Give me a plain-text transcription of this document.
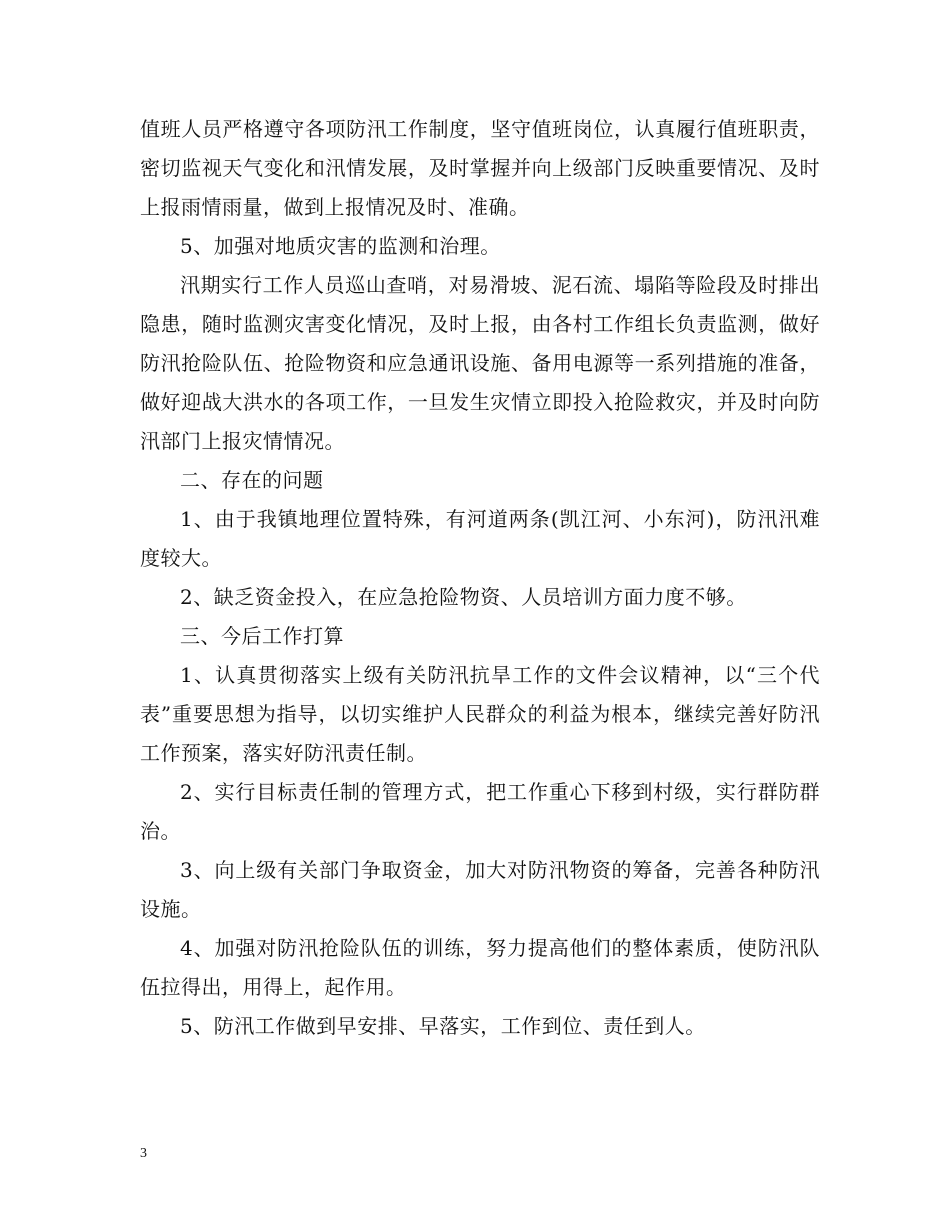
值班人员严格遵守各项防汛工作制度，坚守值班岗位，认真履行值班职责，密切监视天气变化和汛情发展，及时掌握并向上级部门反映重要情况、及时上报雨情雨量，做到上报情况及时、准确。

5、加强对地质灾害的监测和治理。

汛期实行工作人员巡山查哨，对易滑坡、泥石流、塌陷等险段及时排出隐患，随时监测灾害变化情况，及时上报，由各村工作组长负责监测，做好防汛抢险队伍、抢险物资和应急通讯设施、备用电源等一系列措施的准备，做好迎战大洪水的各项工作，一旦发生灾情立即投入抢险救灾，并及时向防汛部门上报灾情情况。

二、存在的问题

1、由于我镇地理位置特殊，有河道两条(凯江河、小东河)，防汛汛难度较大。

2、缺乏资金投入，在应急抢险物资、人员培训方面力度不够。

三、今后工作打算

1、认真贯彻落实上级有关防汛抗旱工作的文件会议精神，以“三个代表”重要思想为指导，以切实维护人民群众的利益为根本，继续完善好防汛工作预案，落实好防汛责任制。

2、实行目标责任制的管理方式，把工作重心下移到村级，实行群防群治。

3、向上级有关部门争取资金，加大对防汛物资的筹备，完善各种防汛设施。

4、加强对防汛抢险队伍的训练，努力提高他们的整体素质，使防汛队伍拉得出，用得上，起作用。

5、防汛工作做到早安排、早落实，工作到位、责任到人。

3
